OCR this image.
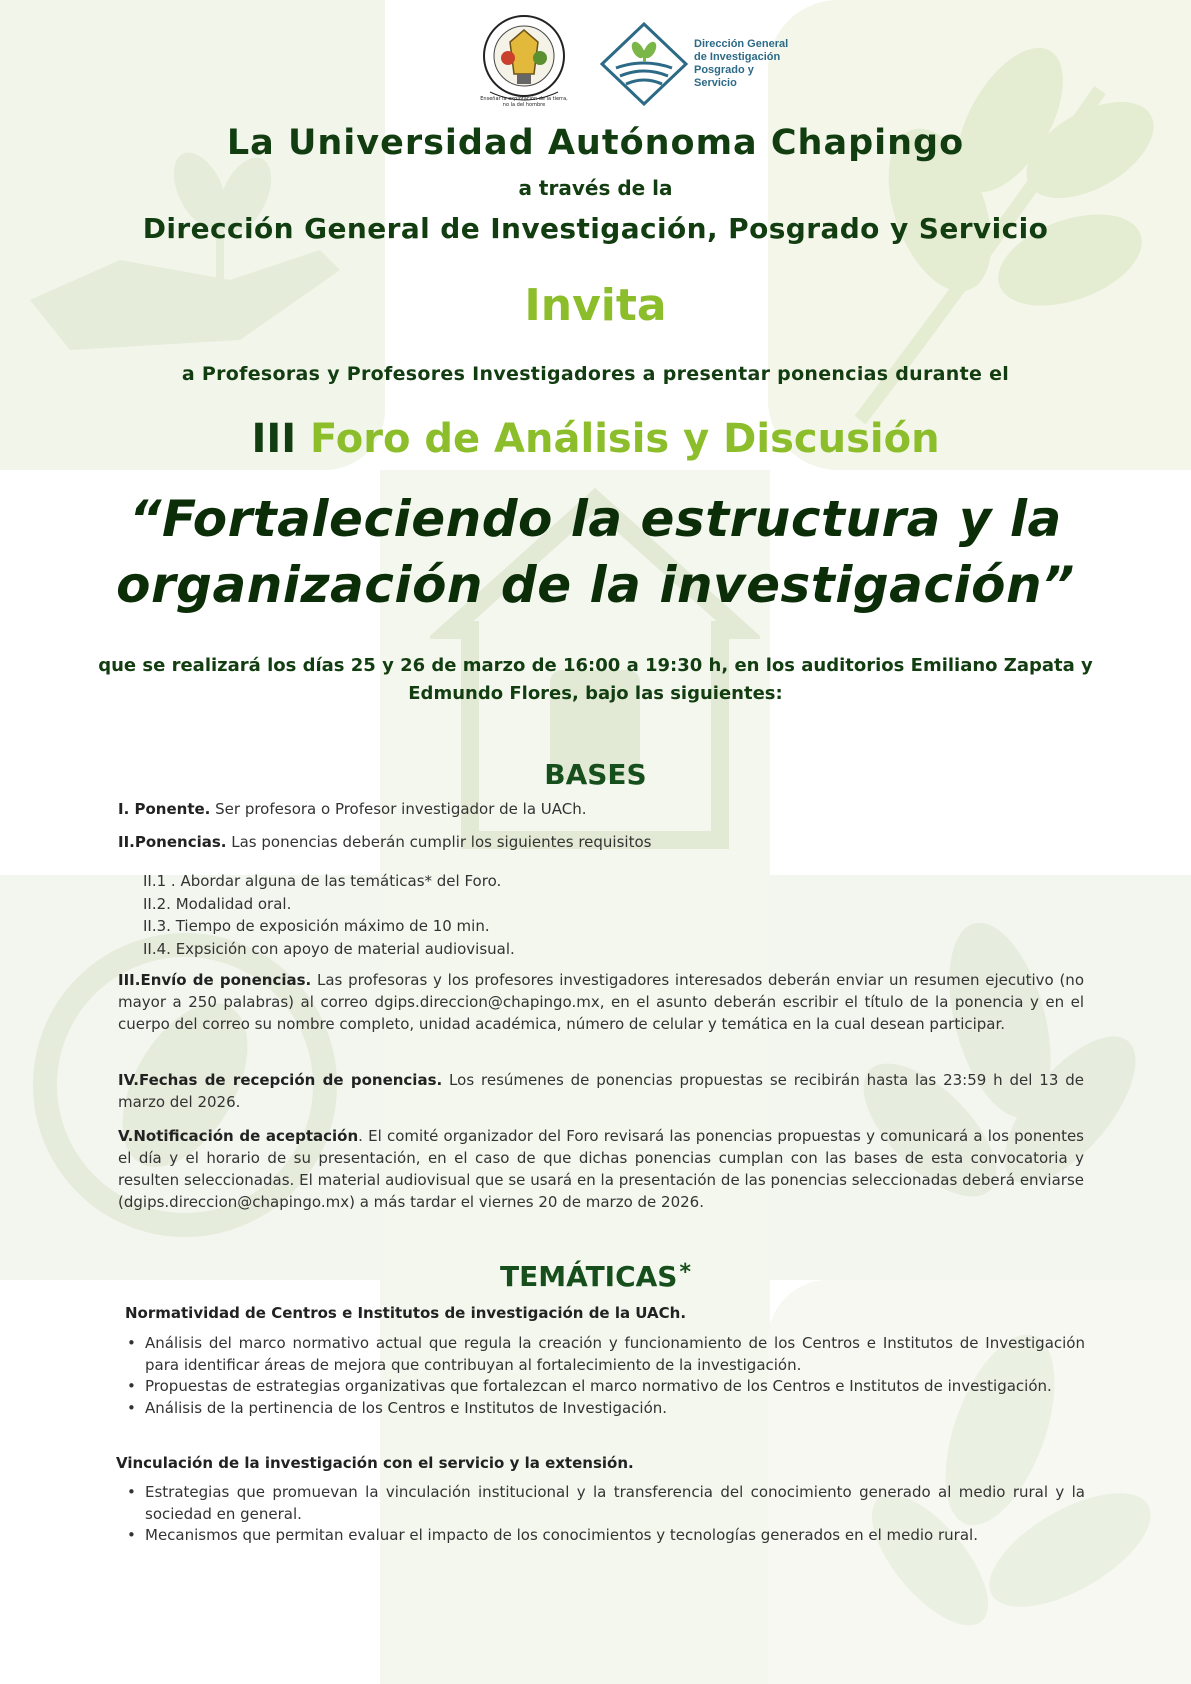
Enseñar la explotación de la tierra,
no la del hombre
Dirección General
de Investigación
Posgrado y Servicio
La Universidad Autónoma Chapingo
a través de la
Dirección General de Investigación, Posgrado y Servicio
Invita
a Profesoras y Profesores Investigadores a presentar ponencias durante el
III Foro de Análisis y Discusión
“Fortaleciendo la estructura y la
organización de la investigación”
que se realizará los días 25 y 26 de marzo de 16:00 a 19:30 h, en los auditorios Emiliano Zapata y Edmundo Flores, bajo las siguientes:
BASES
I. Ponente. Ser profesora o Profesor investigador de la UACh.
II.Ponencias. Las ponencias deberán cumplir los siguientes requisitos
II.1 . Abordar alguna de las temáticas* del Foro.
II.2. Modalidad oral.
II.3. Tiempo de exposición máximo de 10 min.
II.4. Expsición con apoyo de material audiovisual.
III.Envío de ponencias. Las profesoras y los profesores investigadores interesados deberán enviar un resumen ejecutivo (no mayor a 250 palabras) al correo dgips.direccion@chapingo.mx, en el asunto deberán escribir el título de la ponencia y en el cuerpo del correo su nombre completo, unidad académica, número de celular y temática en la cual desean participar.
IV.Fechas de recepción de ponencias. Los resúmenes de ponencias propuestas se recibirán hasta las 23:59 h del 13 de marzo del 2026.
V.Notificación de aceptación. El comité organizador del Foro revisará las ponencias propuestas y comunicará a los ponentes el día y el horario de su presentación, en el caso de que dichas ponencias cumplan con las bases de esta convocatoria y resulten seleccionadas. El material audiovisual que se usará en la presentación de las ponencias seleccionadas deberá enviarse (dgips.direccion@chapingo.mx) a más tardar el viernes 20 de marzo de 2026.
TEMÁTICAS*
Normatividad de Centros e Institutos de investigación de la UACh.
• Análisis del marco normativo actual que regula la creación y funcionamiento de los Centros e Institutos de Investigación para identificar áreas de mejora que contribuyan al fortalecimiento de la investigación.
• Propuestas de estrategias organizativas que fortalezcan el marco normativo de los Centros e Institutos de investigación.
• Análisis de la pertinencia de los Centros e Institutos de Investigación.
Vinculación de la investigación con el servicio y la extensión.
• Estrategias que promuevan la vinculación institucional y la transferencia del conocimiento generado al medio rural y la sociedad en general.
• Mecanismos que permitan evaluar el impacto de los conocimientos y tecnologías generados en el medio rural.
